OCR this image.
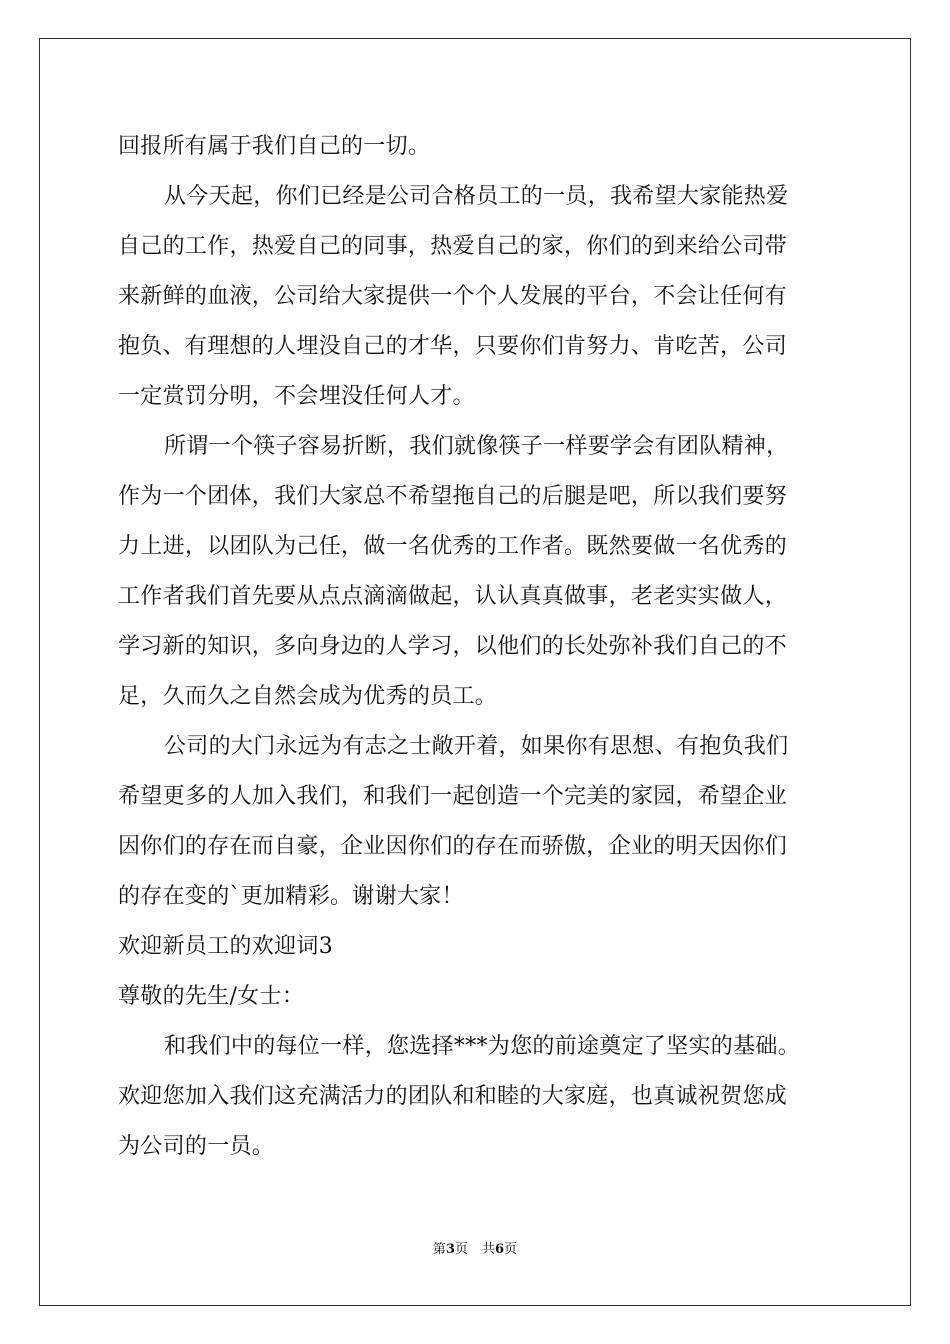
回报所有属于我们自己的一切。
从今天起，你们已经是公司合格员工的一员，我希望大家能热爱
自己的工作，热爱自己的同事，热爱自己的家，你们的到来给公司带
来新鲜的血液，公司给大家提供一个个人发展的平台，不会让任何有
抱负、有理想的人埋没自己的才华，只要你们肯努力、肯吃苦，公司
一定赏罚分明，不会埋没任何人才。
所谓一个筷子容易折断，我们就像筷子一样要学会有团队精神，
作为一个团体，我们大家总不希望拖自己的后腿是吧，所以我们要努
力上进，以团队为己任，做一名优秀的工作者。既然要做一名优秀的
工作者我们首先要从点点滴滴做起，认认真真做事，老老实实做人，
学习新的知识，多向身边的人学习，以他们的长处弥补我们自己的不
足，久而久之自然会成为优秀的员工。
公司的大门永远为有志之士敞开着，如果你有思想、有抱负我们
希望更多的人加入我们，和我们一起创造一个完美的家园，希望企业
因你们的存在而自豪，企业因你们的存在而骄傲，企业的明天因你们
的存在变的`更加精彩。谢谢大家！
欢迎新员工的欢迎词3
尊敬的先生/女士：
和我们中的每位一样，您选择***为您的前途奠定了坚实的基础。
欢迎您加入我们这充满活力的团队和和睦的大家庭，也真诚祝贺您成
为公司的一员。
第3页 共6页
